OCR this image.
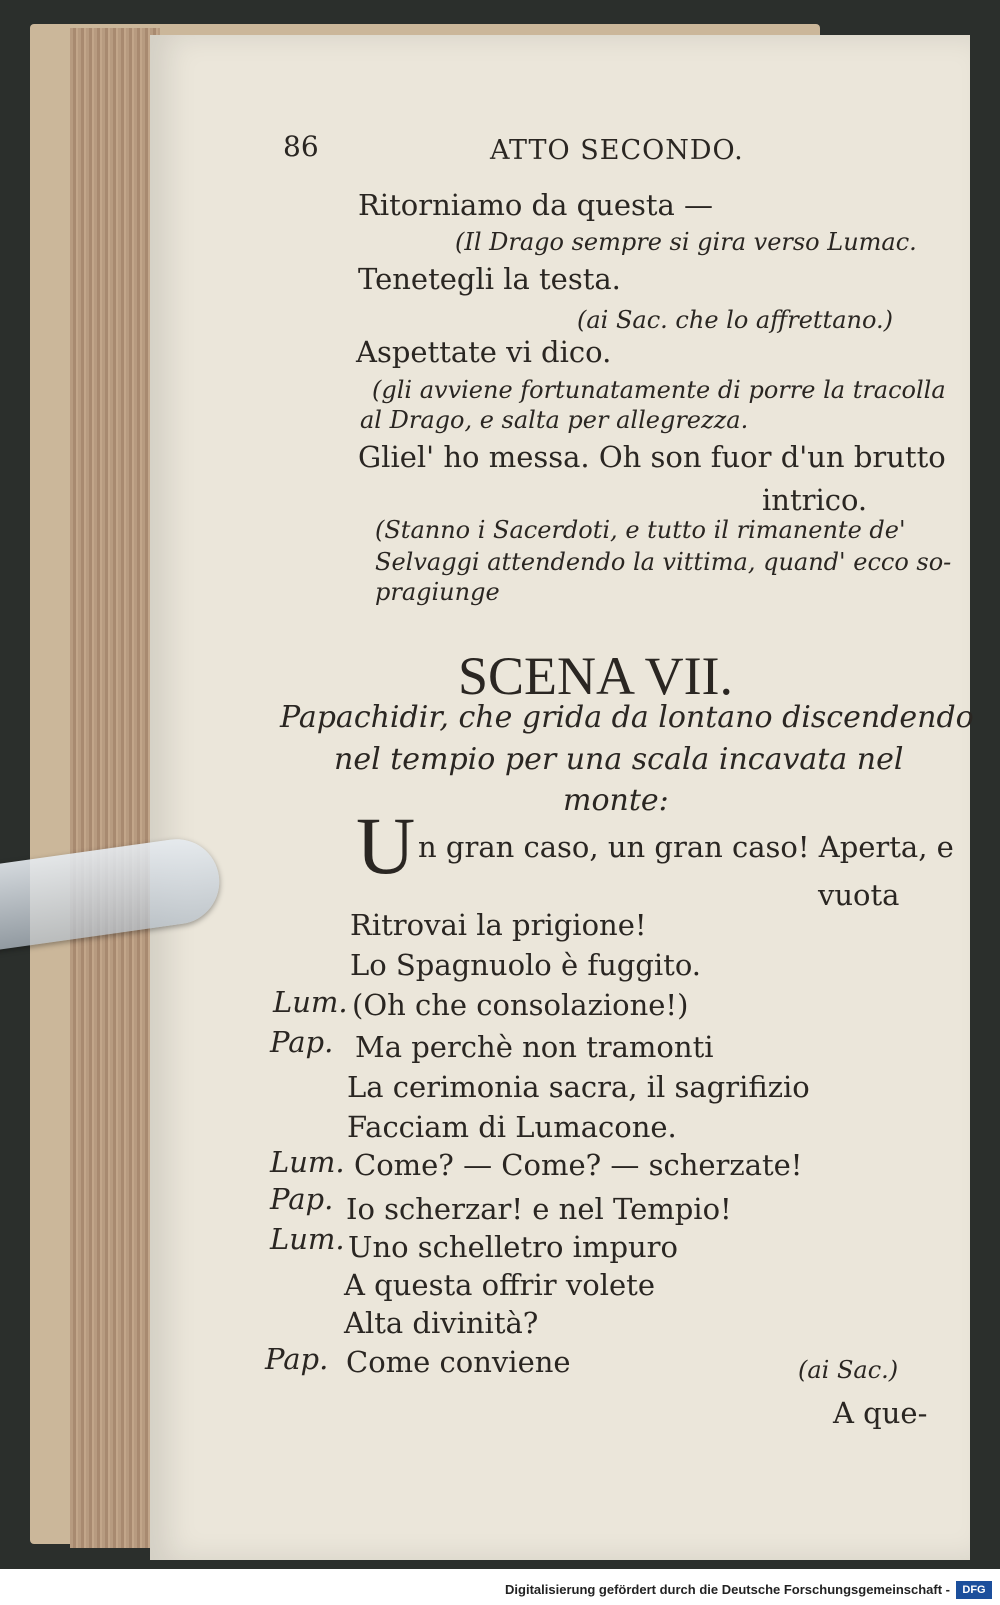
86	ATTO SECONDO.
Ritorniamo da questa —
(Il Drago sempre si gira verso Lumac.
Tenetegli la testa.
(ai Sac. che lo affrettano.)
Aspettate vi dico.
(gli avviene fortunatamente di porre la tracolla
al Drago, e salta per allegrezza.
Gliel' ho messa. Oh son fuor d'un brutto
intrico.
(Stanno i Sacerdoti, e tutto il rimanente de'
Selvaggi attendendo la vittima, quand' ecco so-
pragiunge
SCENA VII.
Papachidir, che grida da lontano discendendo
nel tempio per una scala incavata nel
monte:
U n gran caso, un gran caso! Aperta, e
vuota
Ritrovai la prigione!
Lo Spagnuolo è fuggito.
Lum. (Oh che consolazione!)
Pap. Ma perchè non tramonti
La cerimonia sacra, il sagrifizio
Facciam di Lumacone.
Lum. Come? — Come? — scherzate!
Pap. Io scherzar! e nel Tempio!
Lum. Uno schelletro impuro
A questa offrir volete
Alta divinità?
Pap. Come conviene	(ai Sac.)
A que-
Digitalisierung gefördert durch die Deutsche Forschungsgemeinschaft -	DFG
